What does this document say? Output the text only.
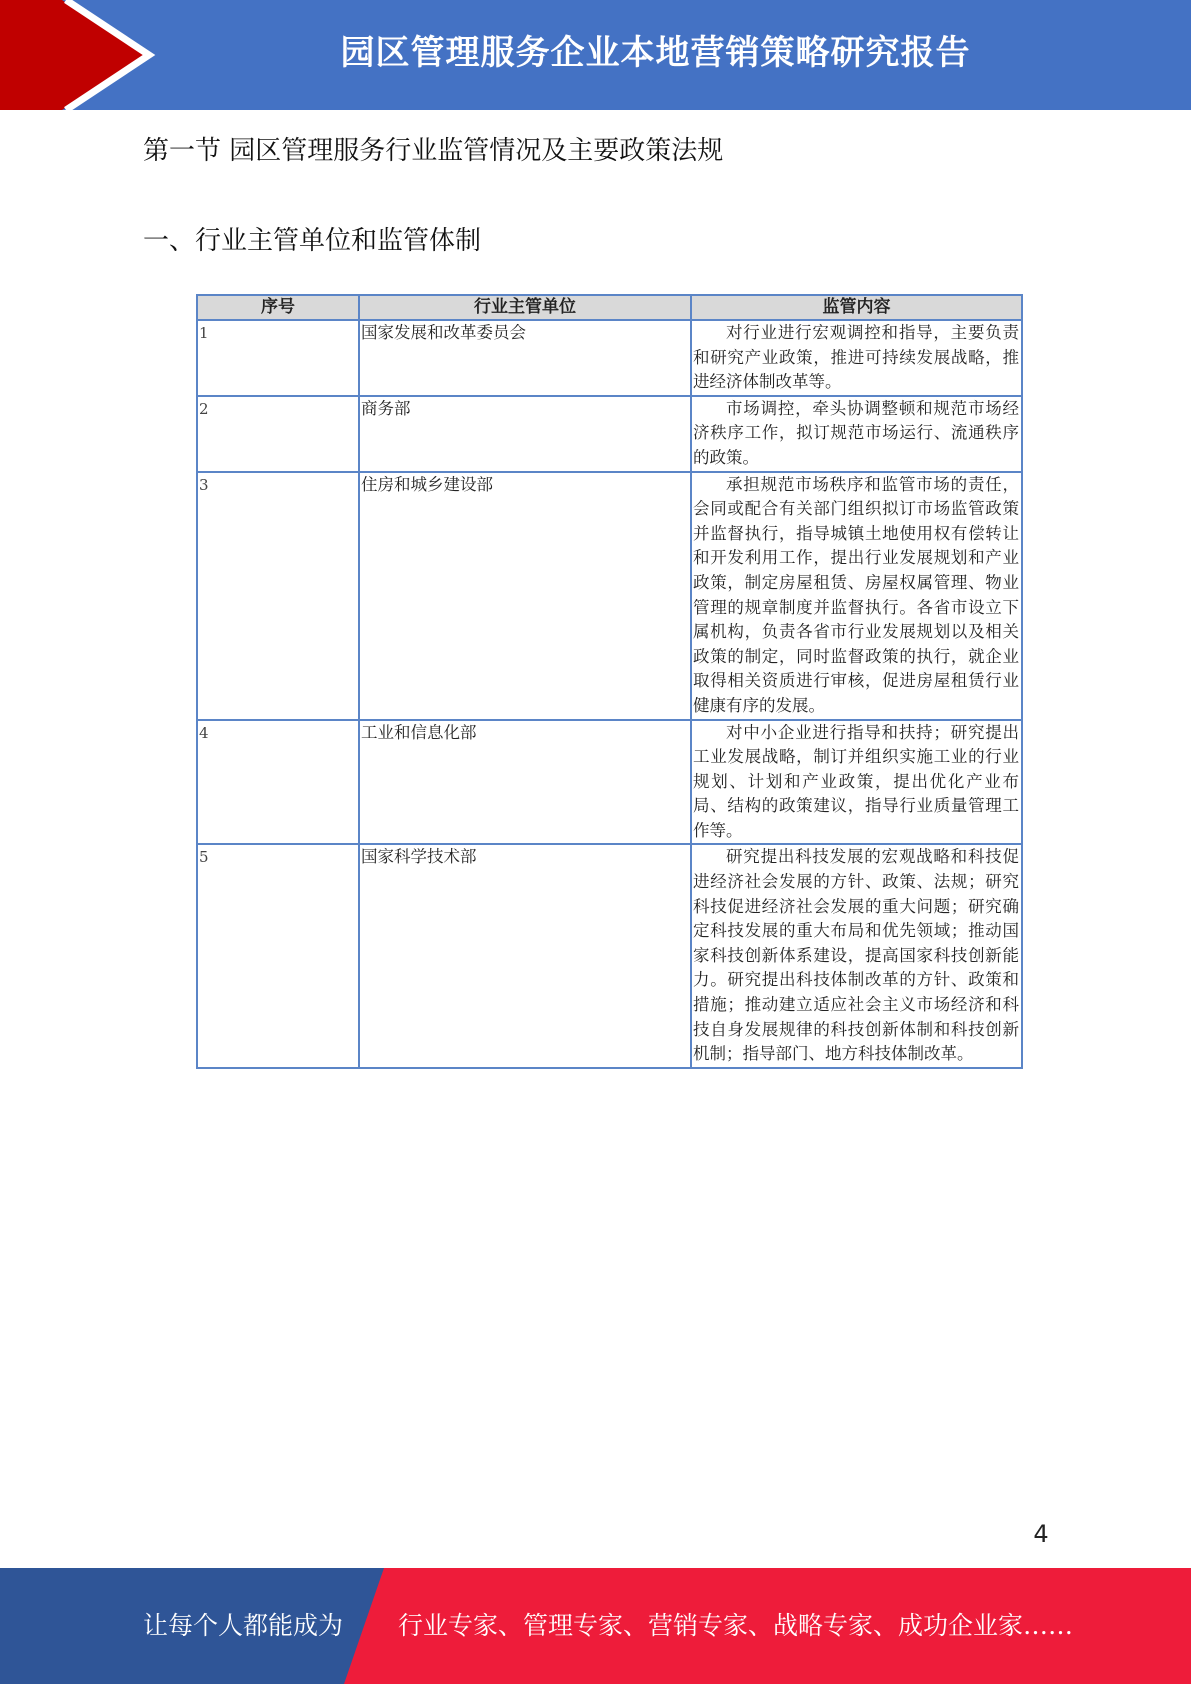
园区管理服务企业本地营销策略研究报告
第一节 园区管理服务行业监管情况及主要政策法规
一、行业主管单位和监管体制
序号	行业主管单位	监管内容
1	国家发展和改革委员会	对行业进行宏观调控和指导，主要负责和研究产业政策，推进可持续发展战略，推进经济体制改革等。
2	商务部	市场调控，牵头协调整顿和规范市场经济秩序工作，拟订规范市场运行、流通秩序的政策。
3	住房和城乡建设部	承担规范市场秩序和监管市场的责任，会同或配合有关部门组织拟订市场监管政策并监督执行，指导城镇土地使用权有偿转让和开发利用工作，提出行业发展规划和产业政策，制定房屋租赁、房屋权属管理、物业管理的规章制度并监督执行。各省市设立下属机构，负责各省市行业发展规划以及相关政策的制定，同时监督政策的执行，就企业取得相关资质进行审核，促进房屋租赁行业健康有序的发展。
4	工业和信息化部	对中小企业进行指导和扶持；研究提出工业发展战略，制订并组织实施工业的行业规划、计划和产业政策，提出优化产业布局、结构的政策建议，指导行业质量管理工作等。
5	国家科学技术部	研究提出科技发展的宏观战略和科技促进经济社会发展的方针、政策、法规；研究科技促进经济社会发展的重大问题；研究确定科技发展的重大布局和优先领域；推动国家科技创新体系建设，提高国家科技创新能力。研究提出科技体制改革的方针、政策和措施；推动建立适应社会主义市场经济和科技自身发展规律的科技创新体制和科技创新机制；指导部门、地方科技体制改革。
4
让每个人都能成为 行业专家、管理专家、营销专家、战略专家、成功企业家……
